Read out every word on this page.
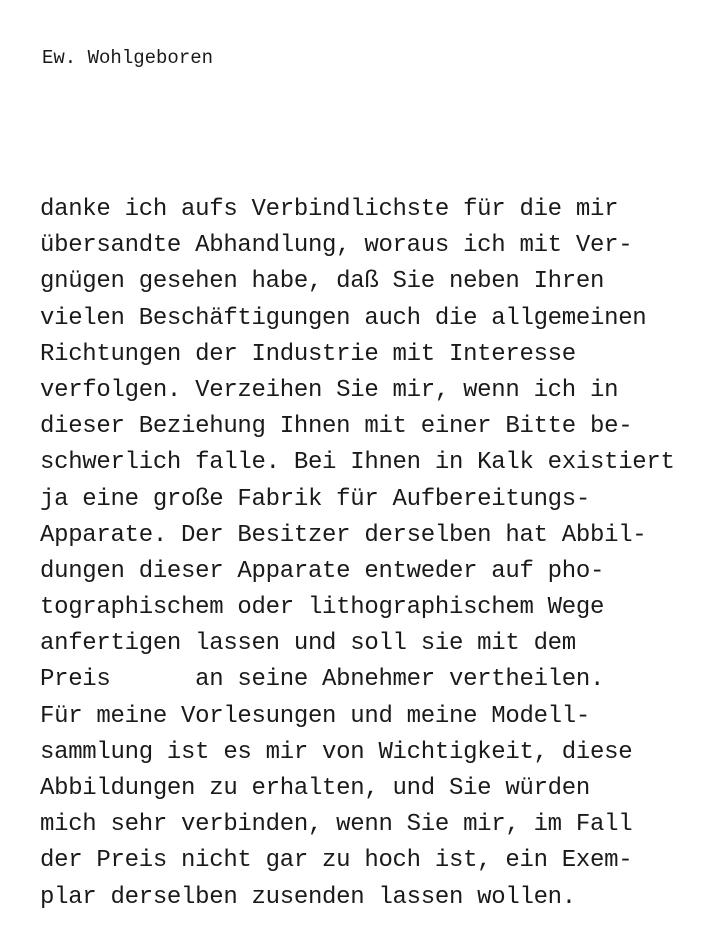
Ew. Wohlgeboren

danke ich aufs Verbindlichste für die mir
übersandte Abhandlung, woraus ich mit Ver-
gnügen gesehen habe, daß Sie neben Ihren
vielen Beschäftigungen auch die allgemeinen
Richtungen der Industrie mit Interesse
verfolgen. Verzeihen Sie mir, wenn ich in
dieser Beziehung Ihnen mit einer Bitte be-
schwerlich falle. Bei Ihnen in Kalk existiert
ja eine große Fabrik für Aufbereitungs-
Apparate. Der Besitzer derselben hat Abbil-
dungen dieser Apparate entweder auf pho-
tographischem oder lithographischem Wege
anfertigen lassen und soll sie mit dem
Preis      an seine Abnehmer vertheilen.
Für meine Vorlesungen und meine Modell-
sammlung ist es mir von Wichtigkeit, diese
Abbildungen zu erhalten, und Sie würden
mich sehr verbinden, wenn Sie mir, im Fall
der Preis nicht gar zu hoch ist, ein Exem-
plar derselben zusenden lassen wollen.
